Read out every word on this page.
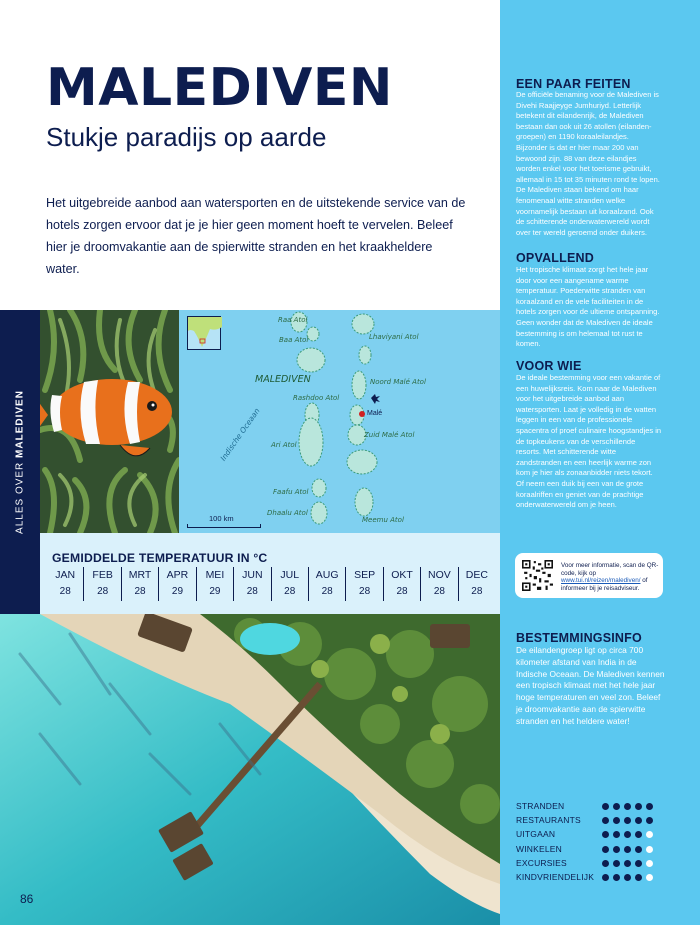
MALEDIVEN
Stukje paradijs op aarde

Het uitgebreide aanbod aan watersporten en de uitstekende service van de hotels zorgen ervoor dat je je hier geen moment hoeft te vervelen. Beleef hier je droomvakantie aan de spierwitte stranden en het kraakheldere water.

ALLES OVER MALEDIVEN
Raa Atol
Baa Atol	Lhaviyani Atol
MALEDIVEN
Rashdoo Atol
Noord Malé Atol
Malé
Indische Oceaan Ari Atol
Zuid Malé Atol
Faafu Atol
Dhaalu Atol
Meemu Atol
100 km
GEMIDDELDE TEMPERATUUR IN °C
JAN
28
FEB
28
MRT
28
APR
29
MEI
29
JUN
28
JUL
28
AUG
28
SEP
28
OKT
28
NOV
28
DEC
28
86
EEN PAAR FEITEN

De officiële benaming voor de Malediven is Divehi Raajjeyge Jumhuriyd. Letterlijk betekent dit eilandenrijk, de Malediven bestaan dan ook uit 26 atollen (eilanden-groepen) en 1190 koraaleilandjes. Bijzonder is dat er hier maar 200 van bewoond zijn. 88 van deze eilandjes worden enkel voor het toerisme gebruikt, allemaal in 15 tot 35 minuten rond te lopen. De Malediven staan bekend om haar fenomenaal witte stranden welke voornamelijk bestaan uit koraalzand. Ook de schitterende onderwaterwereld wordt over ter wereld geroemd onder duikers.

OPVALLEND

Het tropische klimaat zorgt het hele jaar door voor een aangename warme temperatuur. Poederwitte stranden van koraalzand en de vele faciliteiten in de hotels zorgen voor de ultieme ontspanning. Geen wonder dat de Malediven de ideale bestemming is om helemaal tot rust te komen.

VOOR WIE

De ideale bestemming voor een vakantie of een huwelijksreis. Kom naar de Malediven voor het uitgebreide aanbod aan watersporten. Laat je volledig in de watten leggen in een van de professionele spacentra of proef culinaire hoogstandjes in de topkeukens van de verschillende resorts. Met schitterende witte zandstranden en een heerlijk warme zon kom je hier als zonaanbidder niets tekort. Of neem een duik bij een van de grote koraalriffen en geniet van de prachtige onderwaterwereld om je heen.

Voor meer informatie, scan de QR-code, kijk op www.tui.nl/reizen/malediven/ of informeer bij je reisadviseur.
BESTEMMINGSINFO

De eilandengroep ligt op circa 700 kilometer afstand van India in de Indische Oceaan. De Malediven kennen een tropisch klimaat met het hele jaar hoge temperaturen en veel zon. Beleef je droomvakantie aan de spierwitte stranden en het heldere water!

STRANDEN
RESTAURANTS
UITGAAN
WINKELEN
EXCURSIES
KINDVRIENDELIJK
